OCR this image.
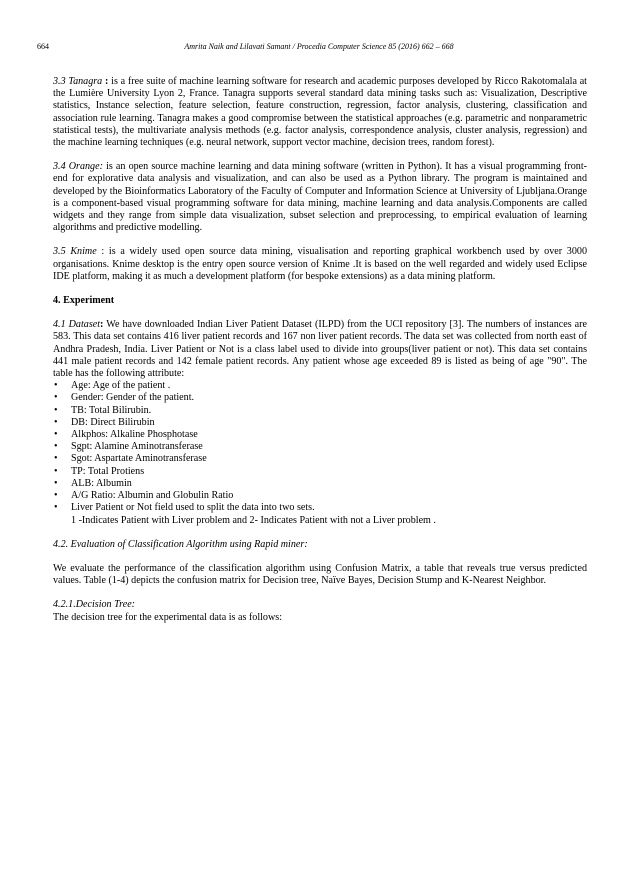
664	Amrita Naik and Lilavati Samant / Procedia Computer Science 85 (2016) 662 – 668

3.3 Tanagra : is a free suite of machine learning software for research and academic purposes developed by Ricco Rakotomalala at the Lumière University Lyon 2, France. Tanagra supports several standard data mining tasks such as: Visualization, Descriptive statistics, Instance selection, feature selection, feature construction, regression, factor analysis, clustering, classification and association rule learning. Tanagra makes a good compromise between the statistical approaches (e.g. parametric and nonparametric statistical tests), the multivariate analysis methods (e.g. factor analysis, correspondence analysis, cluster analysis, regression) and the machine learning techniques (e.g. neural network, support vector machine, decision trees, random forest).

3.4 Orange: is an open source machine learning and data mining software (written in Python). It has a visual programming front-end for explorative data analysis and visualization, and can also be used as a Python library. The program is maintained and developed by the Bioinformatics Laboratory of the Faculty of Computer and Information Science at University of Ljubljana.Orange is a component-based visual programming software for data mining, machine learning and data analysis.Components are called widgets and they range from simple data visualization, subset selection and preprocessing, to empirical evaluation of learning algorithms and predictive modelling.

3.5 Knime : is a widely used open source data mining, visualisation and reporting graphical workbench used by over 3000 organisations. Knime desktop is the entry open source version of Knime .It is based on the well regarded and widely used Eclipse IDE platform, making it as much a development platform (for bespoke extensions) as a data mining platform.

4. Experiment

4.1 Dataset: We have downloaded Indian Liver Patient Dataset (ILPD) from the UCI repository [3]. The numbers of instances are 583. This data set contains 416 liver patient records and 167 non liver patient records. The data set was collected from north east of Andhra Pradesh, India. Liver Patient or Not is a class label used to divide into groups(liver patient or not). This data set contains 441 male patient records and 142 female patient records. Any patient whose age exceeded 89 is listed as being of age "90". The table has the following attribute:

• Age: Age of the patient .
• Gender: Gender of the patient.
• TB: Total Bilirubin.
• DB: Direct Bilirubin
• Alkphos: Alkaline Phosphotase
• Sgpt: Alamine Aminotransferase
• Sgot: Aspartate Aminotransferase
• TP: Total Protiens
• ALB: Albumin
• A/G Ratio: Albumin and Globulin Ratio
• Liver Patient or Not field used to split the data into two sets.
1 -Indicates Patient with Liver problem and 2- Indicates Patient with not a Liver problem .

4.2. Evaluation of Classification Algorithm using Rapid miner:

We evaluate the performance of the classification algorithm using Confusion Matrix, a table that reveals true versus predicted values. Table (1-4) depicts the confusion matrix for Decision tree, Naïve Bayes, Decision Stump and K-Nearest Neighbor.

4.2.1.Decision Tree:

The decision tree for the experimental data is as follows:
